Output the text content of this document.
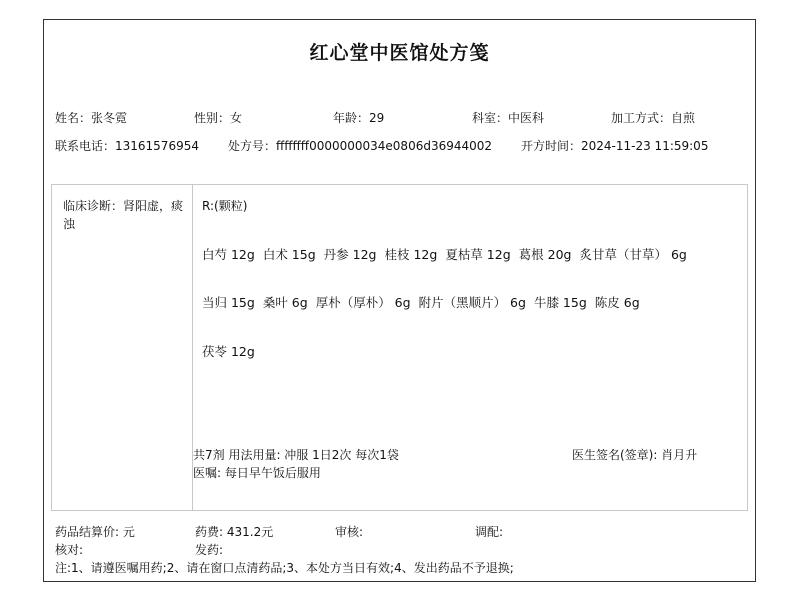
红心堂中医馆处方笺
姓名：张冬霓	性别：女	年龄：29	科室：中医科	加工方式：自煎
联系电话：13161576954 处方号：ffffffff0000000034e0806d36944002 开方时间：2024-11-23 11:59:05
临床诊断：肾阳虚，痰浊
R:(颗粒)
白芍 12g 白术 15g 丹参 12g 桂枝 12g 夏枯草 12g 葛根 20g 炙甘草（甘草） 6g
当归 15g 桑叶 6g 厚朴（厚朴） 6g 附片（黑顺片） 6g 牛膝 15g 陈皮 6g
茯苓 12g
共7剂 用法用量: 冲服 1日2次 每次1袋
医嘱: 每日早午饭后服用
医生签名(签章): 肖月升
药品结算价: 元	药费: 431.2元	审核:	调配:
核对:	发药:
注:1、请遵医嘱用药;2、请在窗口点清药品;3、本处方当日有效;4、发出药品不予退换;
